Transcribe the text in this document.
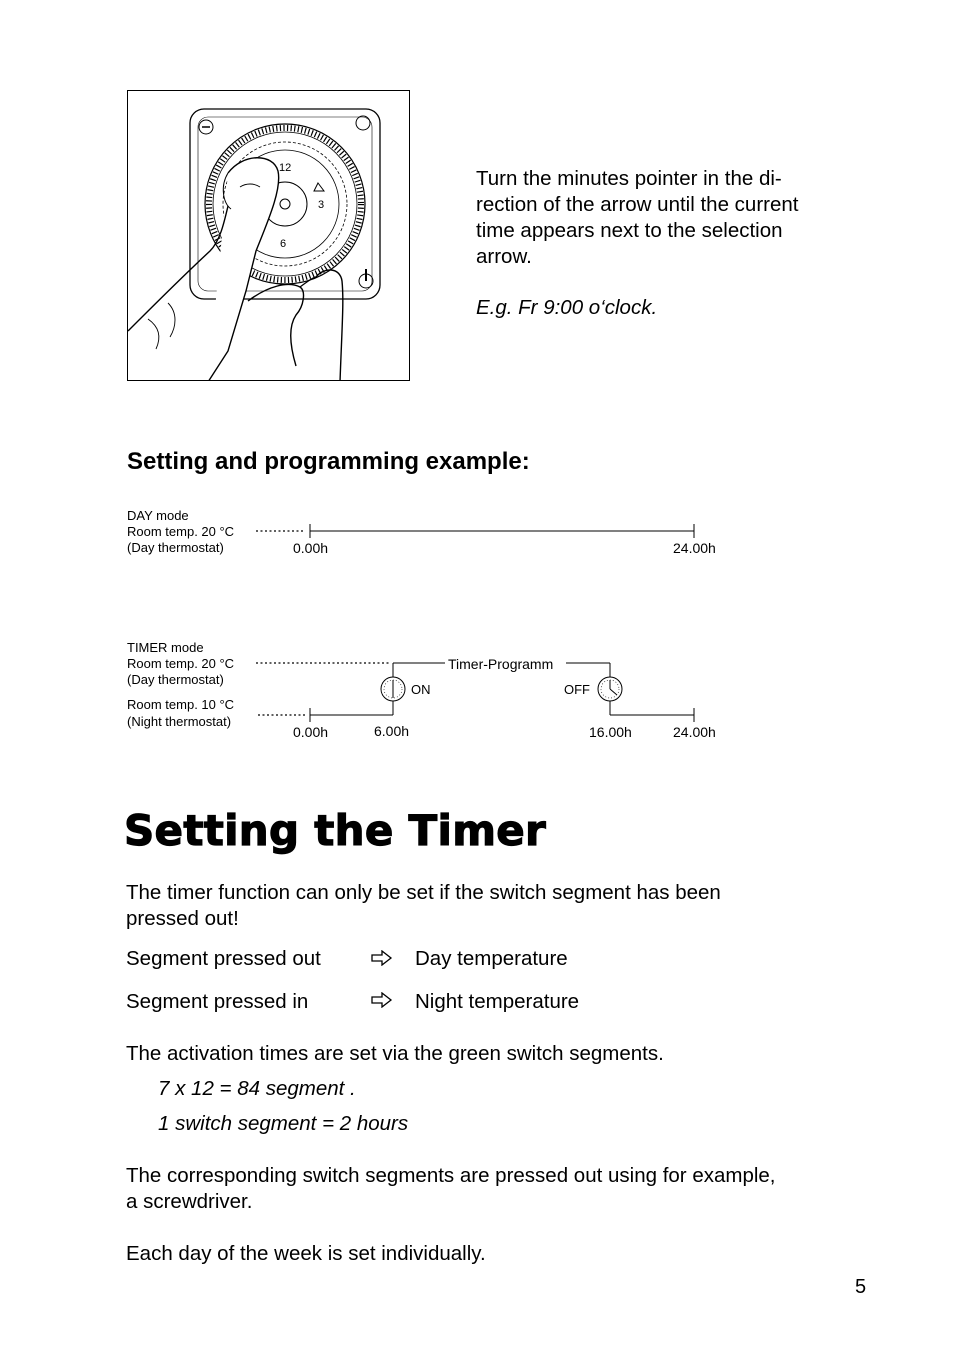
12
3
6

Turn the minutes pointer in the di-

rection of the arrow until the current

time appears next to the selection

arrow.

E.g. Fr 9:00 o‘clock.
Setting and programming example:
DAY mode
Room temp. 20 °C
(Day thermostat)	0.00h	24.00h
TIMER mode
Room temp. 20 °C
(Day thermostat)
Room temp. 10 °C
(Night thermostat)
Timer-Programm
ON	OFF
0.00h	6.00h	16.00h	24.00h
Setting the Timer
The timer function can only be set if the switch segment has been
pressed out!
Segment pressed out	Day temperature
Segment pressed in	Night temperature
The activation times are set via the green switch segments.
7 x 12 = 84 segment .
1 switch segment = 2 hours
The corresponding switch segments are pressed out using for example,
a screwdriver.
Each day of the week is set individually.
5
